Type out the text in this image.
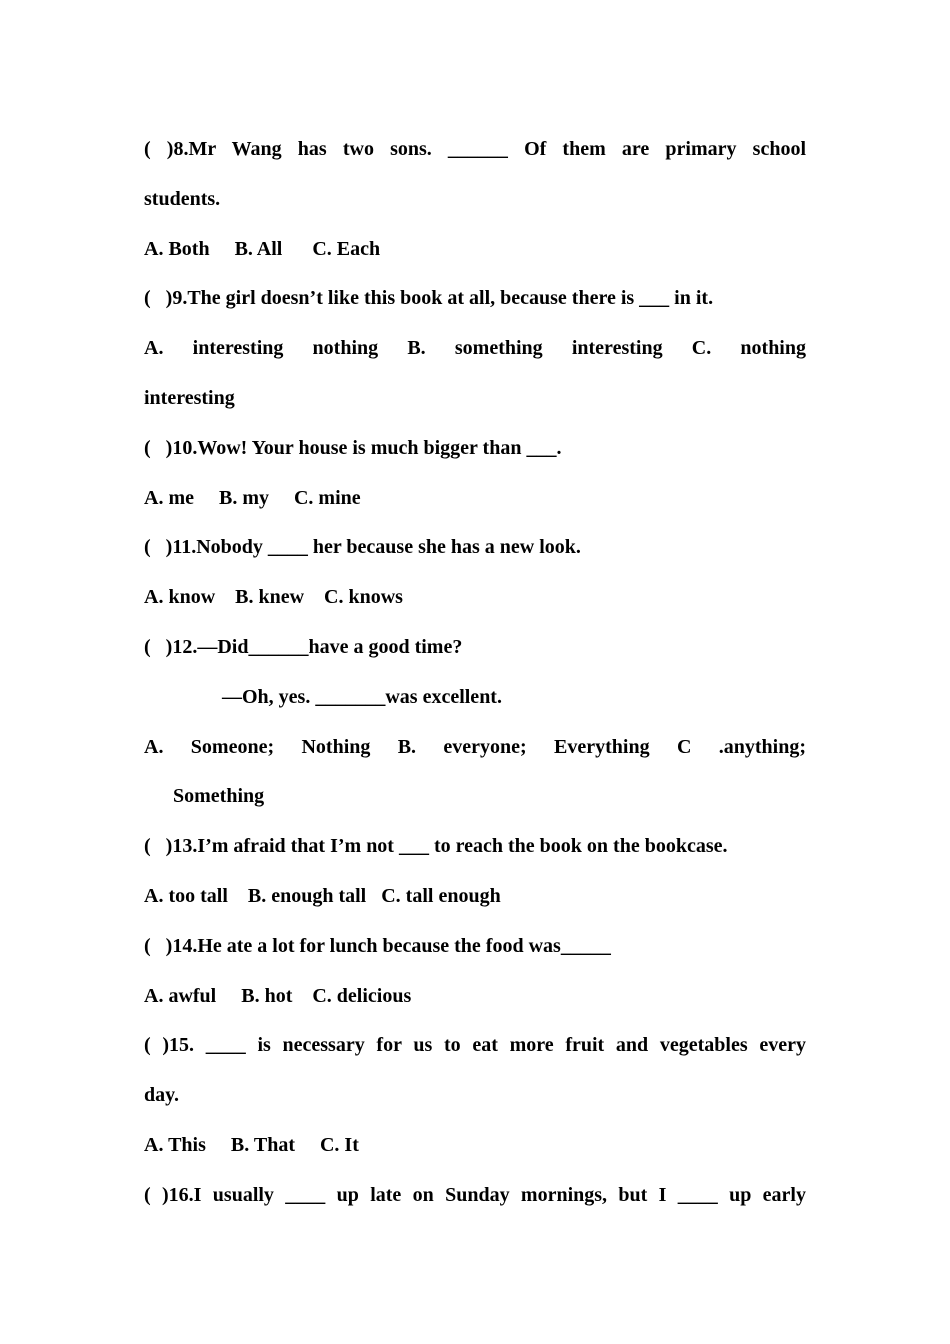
( )8.Mr Wang has two sons. ______ Of them are primary school
students.
A. Both     B. All      C. Each
(   )9.The girl doesn’t like this book at all, because there is ___ in it.
A. interesting nothing B. something interesting C. nothing
interesting
(   )10.Wow! Your house is much bigger than ___.
A. me     B. my     C. mine
(   )11.Nobody ____ her because she has a new look.
A. know    B. knew    C. knows
(   )12.—Did______have a good time?
—Oh, yes. _______was excellent.
A. Someone; Nothing B. everyone; Everything C .anything;
Something
(   )13.I’m afraid that I’m not ___ to reach the book on the bookcase.
A. too tall    B. enough tall   C. tall enough
(   )14.He ate a lot for lunch because the food was_____
A. awful     B. hot    C. delicious
( )15. ____ is necessary for us to eat more fruit and vegetables every
day.
A. This     B. That     C. It
( )16.I usually ____ up late on Sunday mornings, but I ____ up early
